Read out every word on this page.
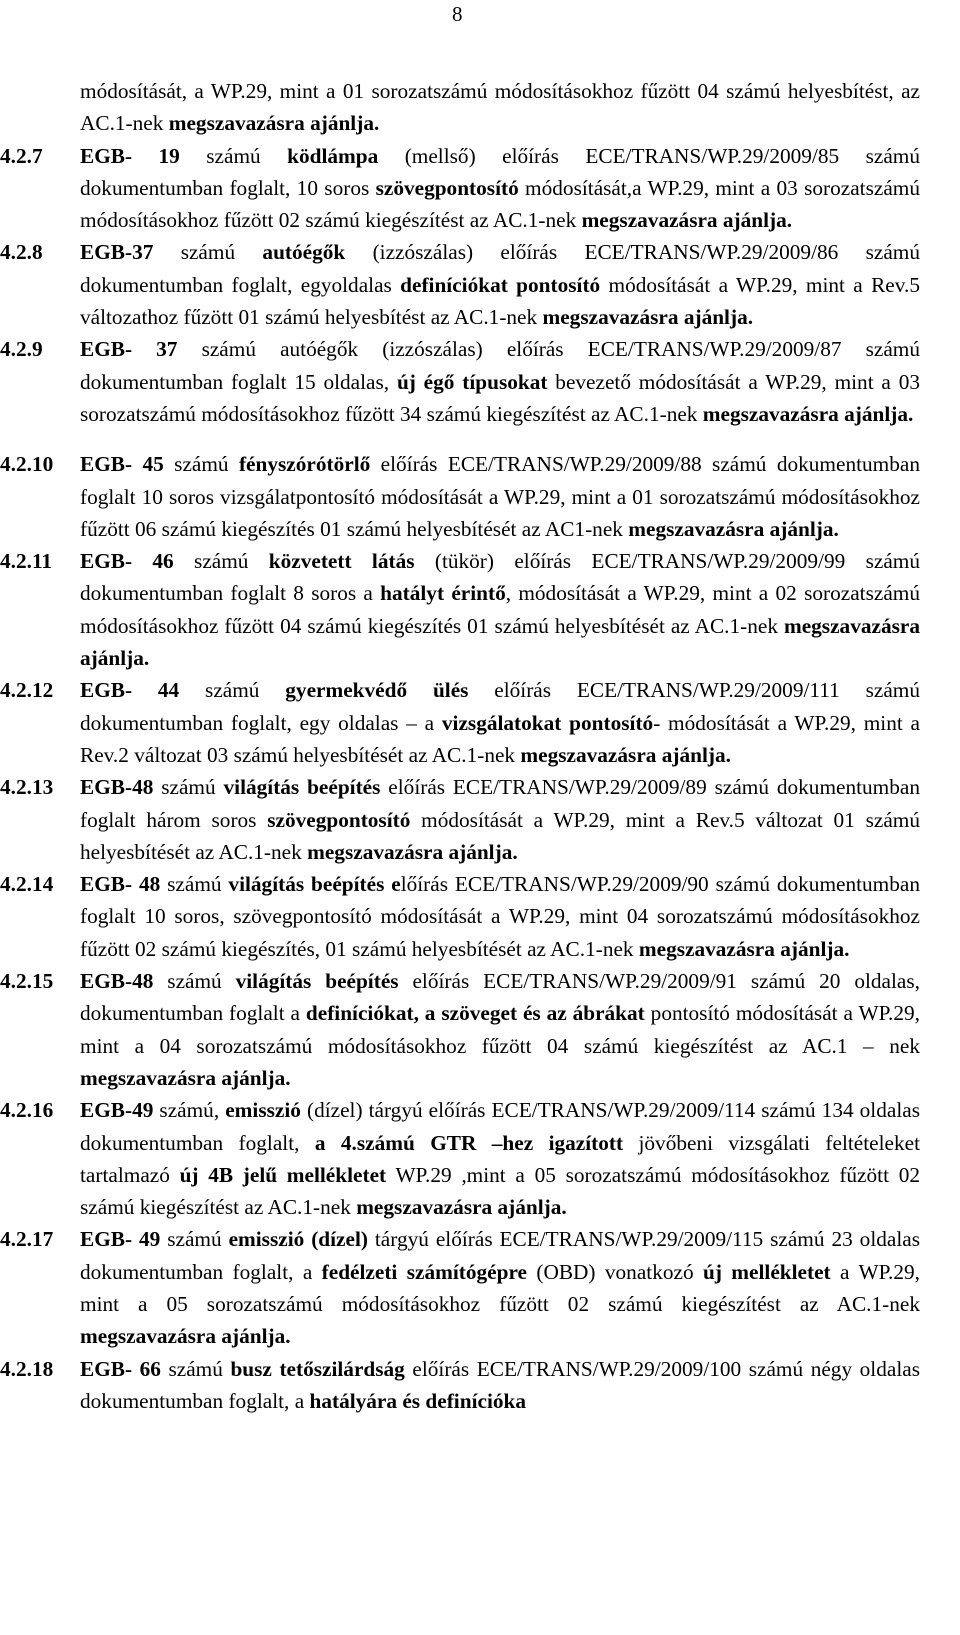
8
módosítását, a WP.29, mint a 01 sorozatszámú módosításokhoz fűzött 04 számú helyesbítést, az AC.1-nek megszavazásra ajánlja.
4.2.7 EGB- 19 számú ködlámpa (mellső) előírás ECE/TRANS/WP.29/2009/85 számú dokumentumban foglalt, 10 soros szövegpontosító módosítását,a WP.29, mint a 03 sorozatszámú módosításokhoz fűzött 02 számú kiegészítést az AC.1-nek megszavazásra ajánlja.
4.2.8 EGB-37 számú autóégők (izzószálas) előírás ECE/TRANS/WP.29/2009/86 számú dokumentumban foglalt, egyoldalas definíciókat pontosító módosítását a WP.29, mint a Rev.5 változathoz fűzött 01 számú helyesbítést az AC.1-nek megszavazásra ajánlja.
4.2.9 EGB- 37 számú autóégők (izzószálas) előírás ECE/TRANS/WP.29/2009/87 számú dokumentumban foglalt 15 oldalas, új égő típusokat bevezető módosítását a WP.29, mint a 03 sorozatszámú módosításokhoz fűzött 34 számú kiegészítést az AC.1-nek megszavazásra ajánlja.
4.2.10 EGB- 45 számú fényszórótörlő előírás ECE/TRANS/WP.29/2009/88 számú dokumentumban foglalt 10 soros vizsgálatpontosító módosítását a WP.29, mint a 01 sorozatszámú módosításokhoz fűzött 06 számú kiegészítés 01 számú helyesbítését az AC1-nek megszavazásra ajánlja.
4.2.11 EGB- 46 számú közvetett látás (tükör) előírás ECE/TRANS/WP.29/2009/99 számú dokumentumban foglalt 8 soros a hatályt érintő, módosítását a WP.29, mint a 02 sorozatszámú módosításokhoz fűzött 04 számú kiegészítés 01 számú helyesbítését az AC.1-nek megszavazásra ajánlja.
4.2.12 EGB- 44 számú gyermekvédő ülés előírás ECE/TRANS/WP.29/2009/111 számú dokumentumban foglalt, egy oldalas – a vizsgálatokat pontosító- módosítását a WP.29, mint a Rev.2 változat 03 számú helyesbítését az AC.1-nek megszavazásra ajánlja.
4.2.13 EGB-48 számú világítás beépítés előírás ECE/TRANS/WP.29/2009/89 számú dokumentumban foglalt három soros szövegpontosító módosítását a WP.29, mint a Rev.5 változat 01 számú helyesbítését az AC.1-nek megszavazásra ajánlja.
4.2.14 EGB- 48 számú világítás beépítés előírás ECE/TRANS/WP.29/2009/90 számú dokumentumban foglalt 10 soros, szövegpontosító módosítását a WP.29, mint 04 sorozatszámú módosításokhoz fűzött 02 számú kiegészítés, 01 számú helyesbítését az AC.1-nek megszavazásra ajánlja.
4.2.15 EGB-48 számú világítás beépítés előírás ECE/TRANS/WP.29/2009/91 számú 20 oldalas, dokumentumban foglalt a definíciókat, a szöveget és az ábrákat pontosító módosítását a WP.29, mint a 04 sorozatszámú módosításokhoz fűzött 04 számú kiegészítést az AC.1 – nek megszavazásra ajánlja.
4.2.16 EGB-49 számú, emisszió (dízel) tárgyú előírás ECE/TRANS/WP.29/2009/114 számú 134 oldalas dokumentumban foglalt, a 4.számú GTR –hez igazított jövőbeni vizsgálati feltételeket tartalmazó új 4B jelű mellékletet WP.29 ,mint a 05 sorozatszámú módosításokhoz fűzött 02 számú kiegészítést az AC.1-nek megszavazásra ajánlja.
4.2.17 EGB- 49 számú emisszió (dízel) tárgyú előírás ECE/TRANS/WP.29/2009/115 számú 23 oldalas dokumentumban foglalt, a fedélzeti számítógépre (OBD) vonatkozó új mellékletet a WP.29, mint a 05 sorozatszámú módosításokhoz fűzött 02 számú kiegészítést az AC.1-nek megszavazásra ajánlja.
4.2.18 EGB- 66 számú busz tetőszilárdság előírás ECE/TRANS/WP.29/2009/100 számú négy oldalas dokumentumban foglalt, a hatályára és definícióka
